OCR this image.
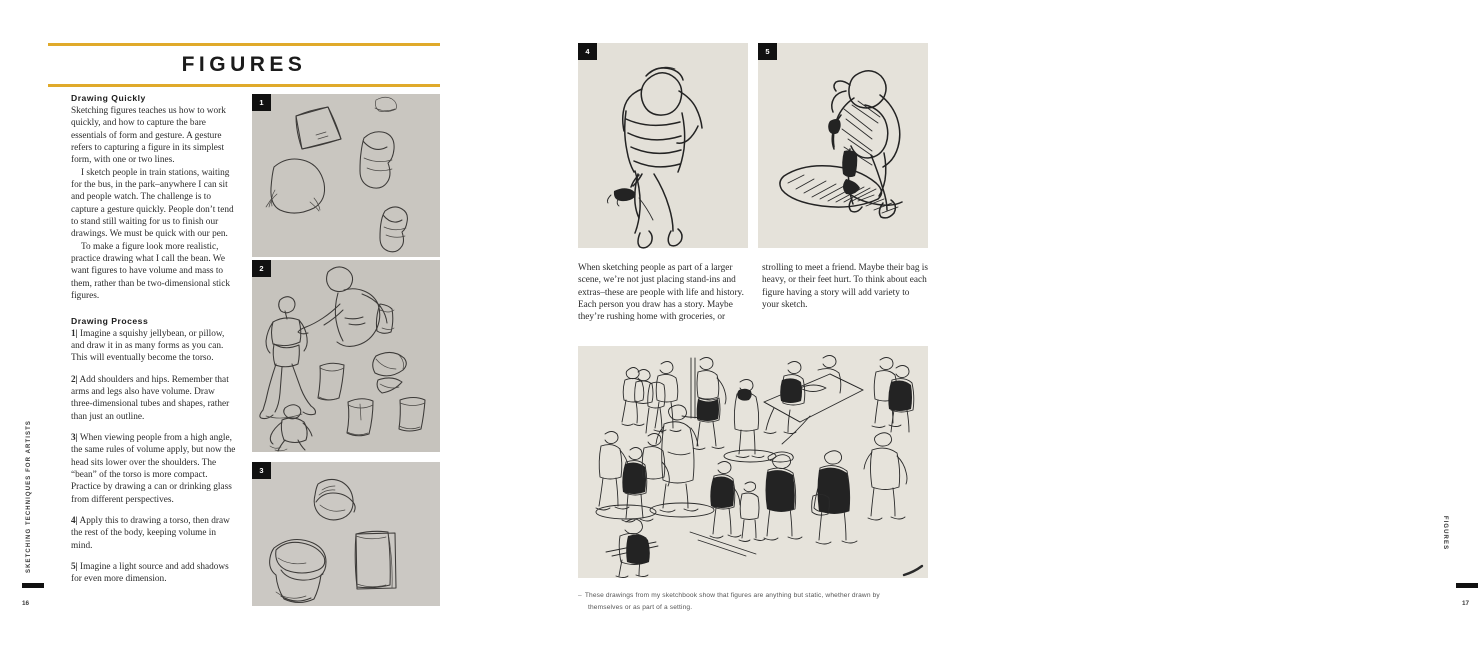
FIGURES
Drawing Quickly

Sketching figures teaches us how to work quickly, and how to capture the bare essentials of form and gesture. A gesture refers to capturing a figure in its simplest form, with one or two lines.

I sketch people in train stations, waiting for the bus, in the park–anywhere I can sit and people watch. The challenge is to capture a gesture quickly. People don’t tend to stand still waiting for us to finish our drawings. We must be quick with our pen.

To make a figure look more realistic, practice drawing what I call the bean. We want figures to have volume and mass to them, rather than be two-dimensional stick figures.

Drawing Process

1| Imagine a squishy jellybean, or pillow, and draw it in as many forms as you can. This will eventually become the torso.

2| Add shoulders and hips. Remember that arms and legs also have volume. Draw three-dimensional tubes and shapes, rather than just an outline.

3| When viewing people from a high angle, the same rules of volume apply, but now the head sits lower over the shoulders. The “bean” of the torso is more compact. Practice by drawing a can or drinking glass from different perspectives.

4| Apply this to drawing a torso, then draw the rest of the body, keeping volume in mind.

5| Imagine a light source and add shadows for even more dimension.

1
2
3
SKETCHING TECHNIQUES FOR ARTISTS
16
FIGURES
17
4	5

When sketching people as part of a larger scene, we’re not just placing stand-ins and extras–these are people with life and history. Each person you draw has a story. Maybe they’re rushing home with groceries, or

strolling to meet a friend. Maybe their bag is heavy, or their feet hurt. To think about each figure having a story will add variety to your sketch.

– These drawings from my sketchbook show that figures are anything but static, whether drawn by
themselves or as part of a setting.
